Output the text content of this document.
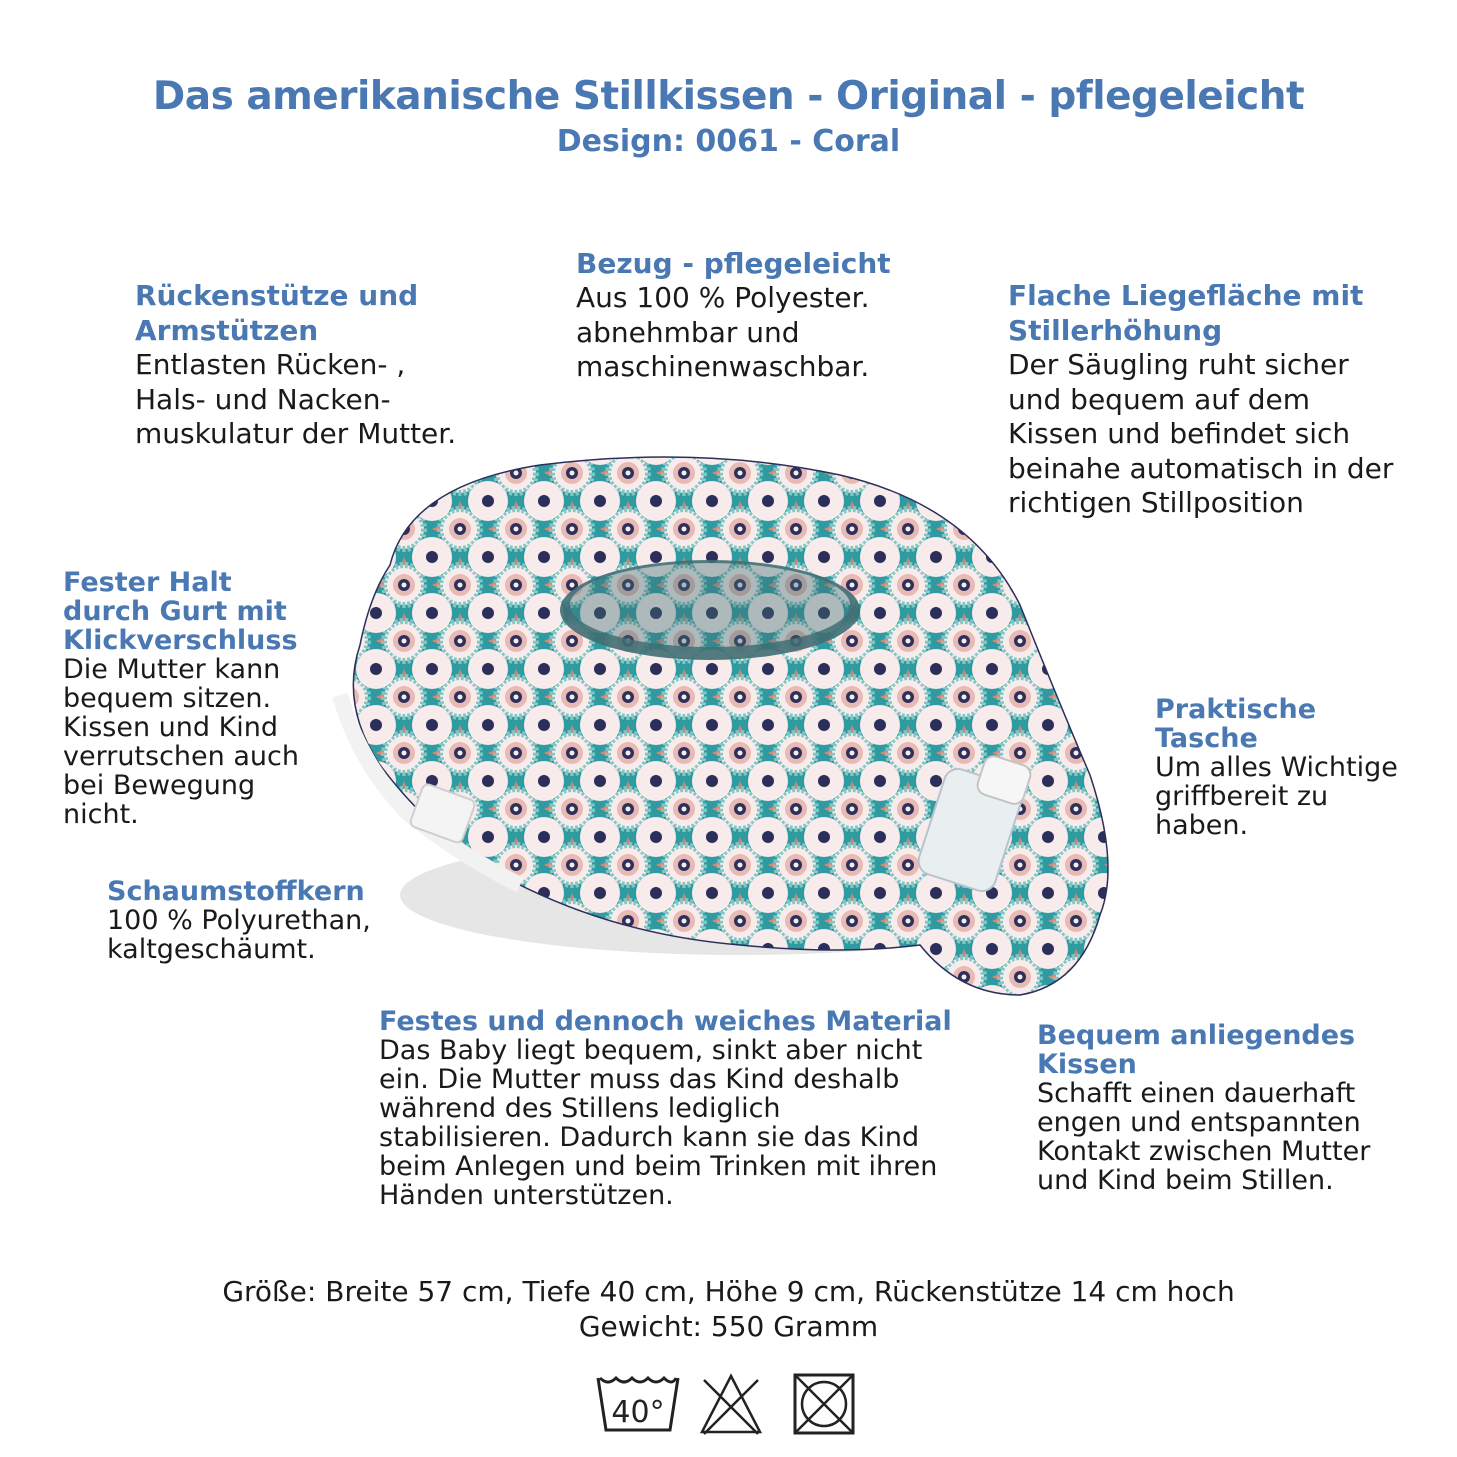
Das amerikanische Stillkissen - Original - pflegeleicht
Design: 0061 - Coral
Rückenstütze und
Armstützen

Entlasten Rücken- ,
Hals- und Nacken-
muskulatur der Mutter.

Bezug - pflegeleicht

Aus 100 % Polyester.
abnehmbar und
maschinenwaschbar.

Flache Liegefläche mit
Stillerhöhung

Der Säugling ruht sicher
und bequem auf dem
Kissen und befindet sich
beinahe automatisch in der
richtigen Stillposition

Fester Halt
durch Gurt mit
Klickverschluss

Die Mutter kann
bequem sitzen.
Kissen und Kind
verrutschen auch
bei Bewegung
nicht.

Praktische
Tasche

Um alles Wichtige
griffbereit zu
haben.

Schaumstoffkern

100 % Polyurethan,
kaltgeschäumt.

Festes und dennoch weiches Material

Das Baby liegt bequem, sinkt aber nicht
ein. Die Mutter muss das Kind deshalb
während des Stillens lediglich
stabilisieren. Dadurch kann sie das Kind
beim Anlegen und beim Trinken mit ihren
Händen unterstützen.

Bequem anliegendes
Kissen

Schafft einen dauerhaft
engen und entspannten
Kontakt zwischen Mutter
und Kind beim Stillen.

Größe: Breite 57 cm, Tiefe 40 cm, Höhe 9 cm, Rückenstütze 14 cm hoch
Gewicht: 550 Gramm
40°
